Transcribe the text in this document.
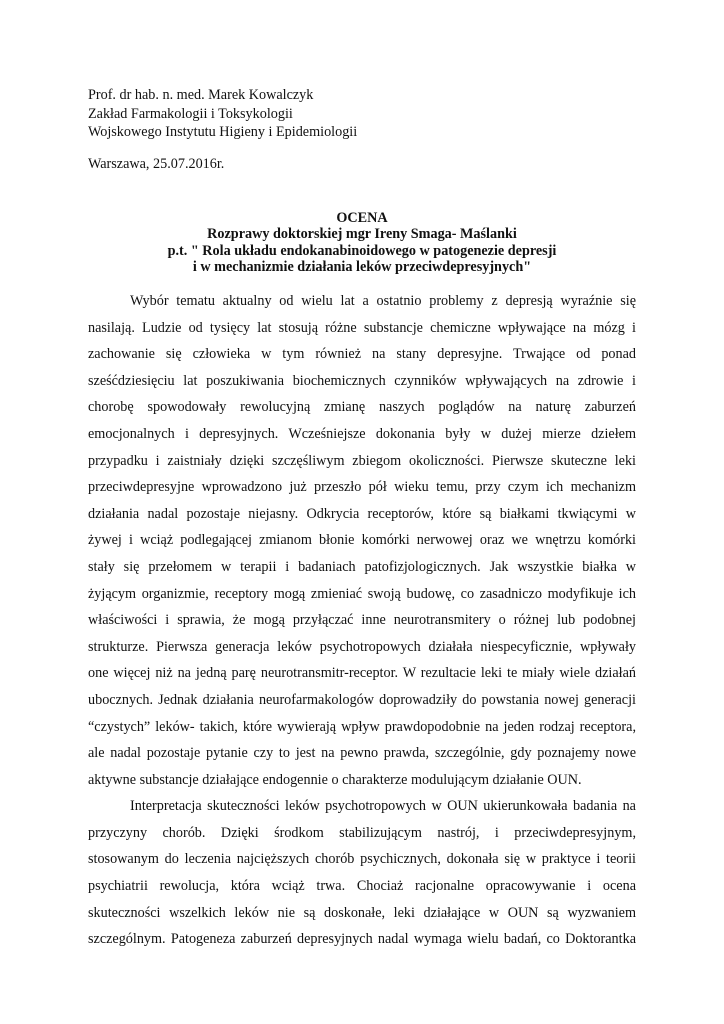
Prof. dr hab. n. med. Marek Kowalczyk
Zakład Farmakologii i Toksykologii
Wojskowego Instytutu Higieny i Epidemiologii
Warszawa, 25.07.2016r.
OCENA
Rozprawy doktorskiej mgr Ireny Smaga- Maślanki
p.t. " Rola układu endokanabinoidowego w patogenezie depresji
i w mechanizmie działania leków przeciwdepresyjnych"
Wybór tematu aktualny od wielu lat a ostatnio problemy z depresją wyraźnie się
nasilają. Ludzie od tysięcy lat stosują różne substancje chemiczne wpływające na mózg i
zachowanie się człowieka w tym również na stany depresyjne. Trwające od ponad
sześćdziesięciu lat poszukiwania biochemicznych czynników wpływających na zdrowie i
chorobę spowodowały rewolucyjną zmianę naszych poglądów na naturę zaburzeń
emocjonalnych i depresyjnych. Wcześniejsze dokonania były w dużej mierze dziełem
przypadku i zaistniały dzięki szczęśliwym zbiegom okoliczności. Pierwsze skuteczne leki
przeciwdepresyjne wprowadzono już przeszło pół wieku temu, przy czym ich mechanizm
działania nadal pozostaje niejasny. Odkrycia receptorów, które są białkami tkwiącymi w
żywej i wciąż podlegającej zmianom błonie komórki nerwowej oraz we wnętrzu komórki
stały się przełomem w terapii i badaniach patofizjologicznych. Jak wszystkie białka w
żyjącym organizmie, receptory mogą zmieniać swoją budowę, co zasadniczo modyfikuje ich
właściwości i sprawia, że mogą przyłączać inne neurotransmitery o różnej lub podobnej
strukturze. Pierwsza generacja leków psychotropowych działała niespecyficznie, wpływały
one więcej niż na jedną parę neurotransmitr-receptor. W rezultacie leki te miały wiele działań
ubocznych. Jednak działania neurofarmakologów doprowadziły do powstania nowej generacji
“czystych” leków- takich, które wywierają wpływ prawdopodobnie na jeden rodzaj receptora,
ale nadal pozostaje pytanie czy to jest na pewno prawda, szczególnie, gdy poznajemy nowe
aktywne substancje działające endogennie o charakterze modulującym działanie OUN.
Interpretacja skuteczności leków psychotropowych w OUN ukierunkowała badania na
przyczyny chorób. Dzięki środkom stabilizującym nastrój, i przeciwdepresyjnym,
stosowanym do leczenia najcięższych chorób psychicznych, dokonała się w praktyce i teorii
psychiatrii rewolucja, która wciąż trwa. Chociaż racjonalne opracowywanie i ocena
skuteczności wszelkich leków nie są doskonałe, leki działające w OUN są wyzwaniem
szczególnym. Patogeneza zaburzeń depresyjnych nadal wymaga wielu badań, co Doktorantka
